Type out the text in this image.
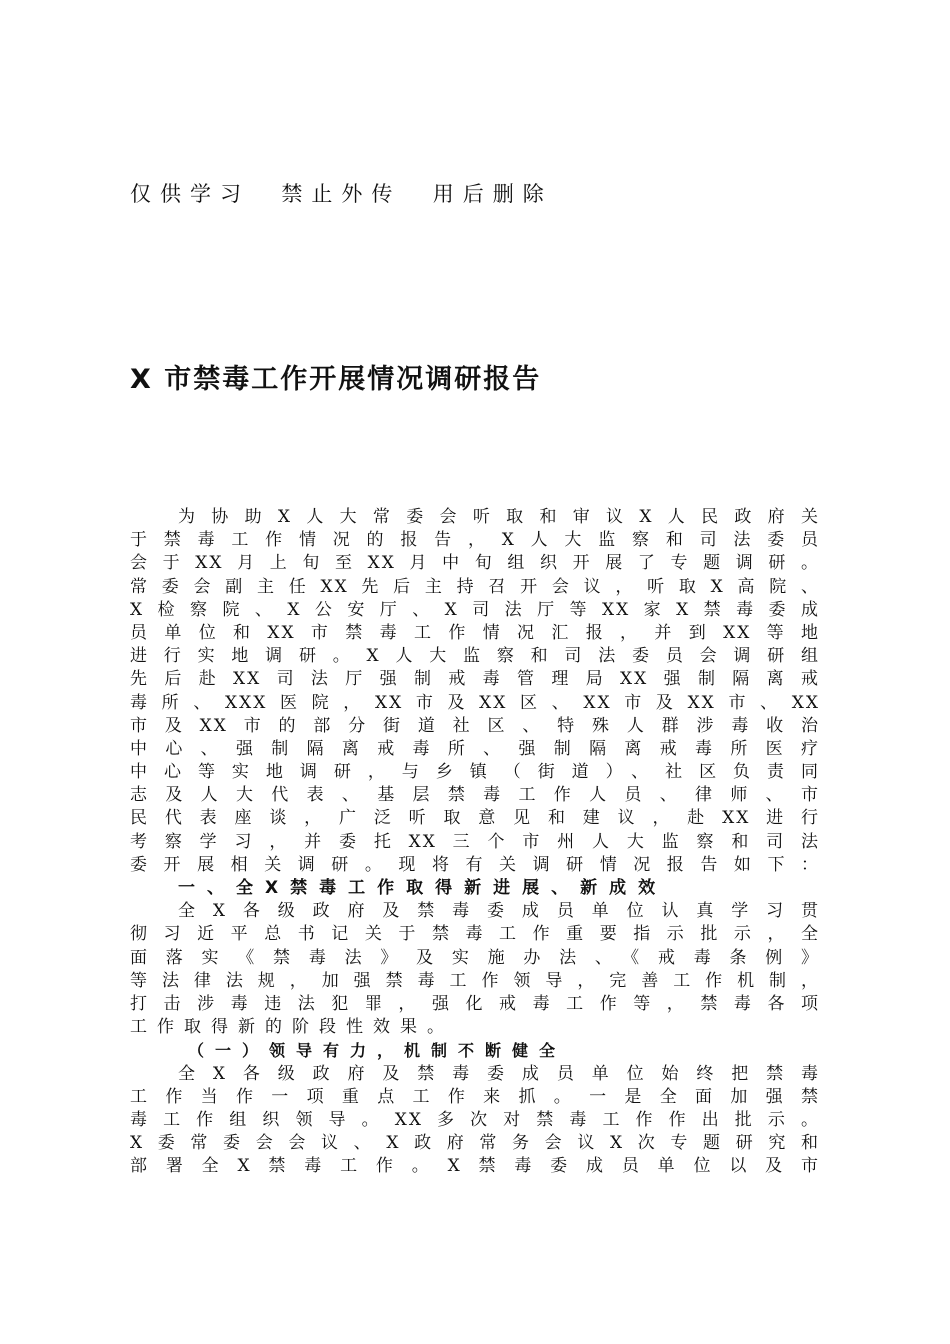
仅供学习  禁止外传  用后删除
X 市禁毒工作开展情况调研报告
为协助X人大常委会听取和审议X人民政府关
于禁毒工作情况的报告，X人大监察和司法委员
会于XX月上旬至XX月中旬组织开展了专题调研。
常委会副主任XX先后主持召开会议，听取X高院、
X检察院、X公安厅、X司法厅等XX家X禁毒委成
员单位和XX市禁毒工作情况汇报，并到XX等地
进行实地调研。X人大监察和司法委员会调研组
先后赴XX司法厅强制戒毒管理局XX强制隔离戒
毒所、XXX医院，XX市及XX区、XX市及XX市、XX
市及XX市的部分街道社区、特殊人群涉毒收治
中心、强制隔离戒毒所、强制隔离戒毒所医疗
中心等实地调研，与乡镇（街道）、社区负责同
志及人大代表、基层禁毒工作人员、律师、市
民代表座谈，广泛听取意见和建议，赴XX进行
考察学习，并委托XX三个市州人大监察和司法
委开展相关调研。现将有关调研情况报告如下：
一、全X禁毒工作取得新进展、新成效
全X各级政府及禁毒委成员单位认真学习贯
彻习近平总书记关于禁毒工作重要指示批示，全
面落实《禁毒法》及实施办法、《戒毒条例》
等法律法规，加强禁毒工作领导，完善工作机制，
打击涉毒违法犯罪，强化戒毒工作等，禁毒各项
工作取得新的阶段性效果。
（一）领导有力，机制不断健全
全X各级政府及禁毒委成员单位始终把禁毒
工作当作一项重点工作来抓。一是全面加强禁
毒工作组织领导。XX多次对禁毒工作作出批示。
X委常委会会议、X政府常务会议X次专题研究和
部署全X禁毒工作。X禁毒委成员单位以及市
